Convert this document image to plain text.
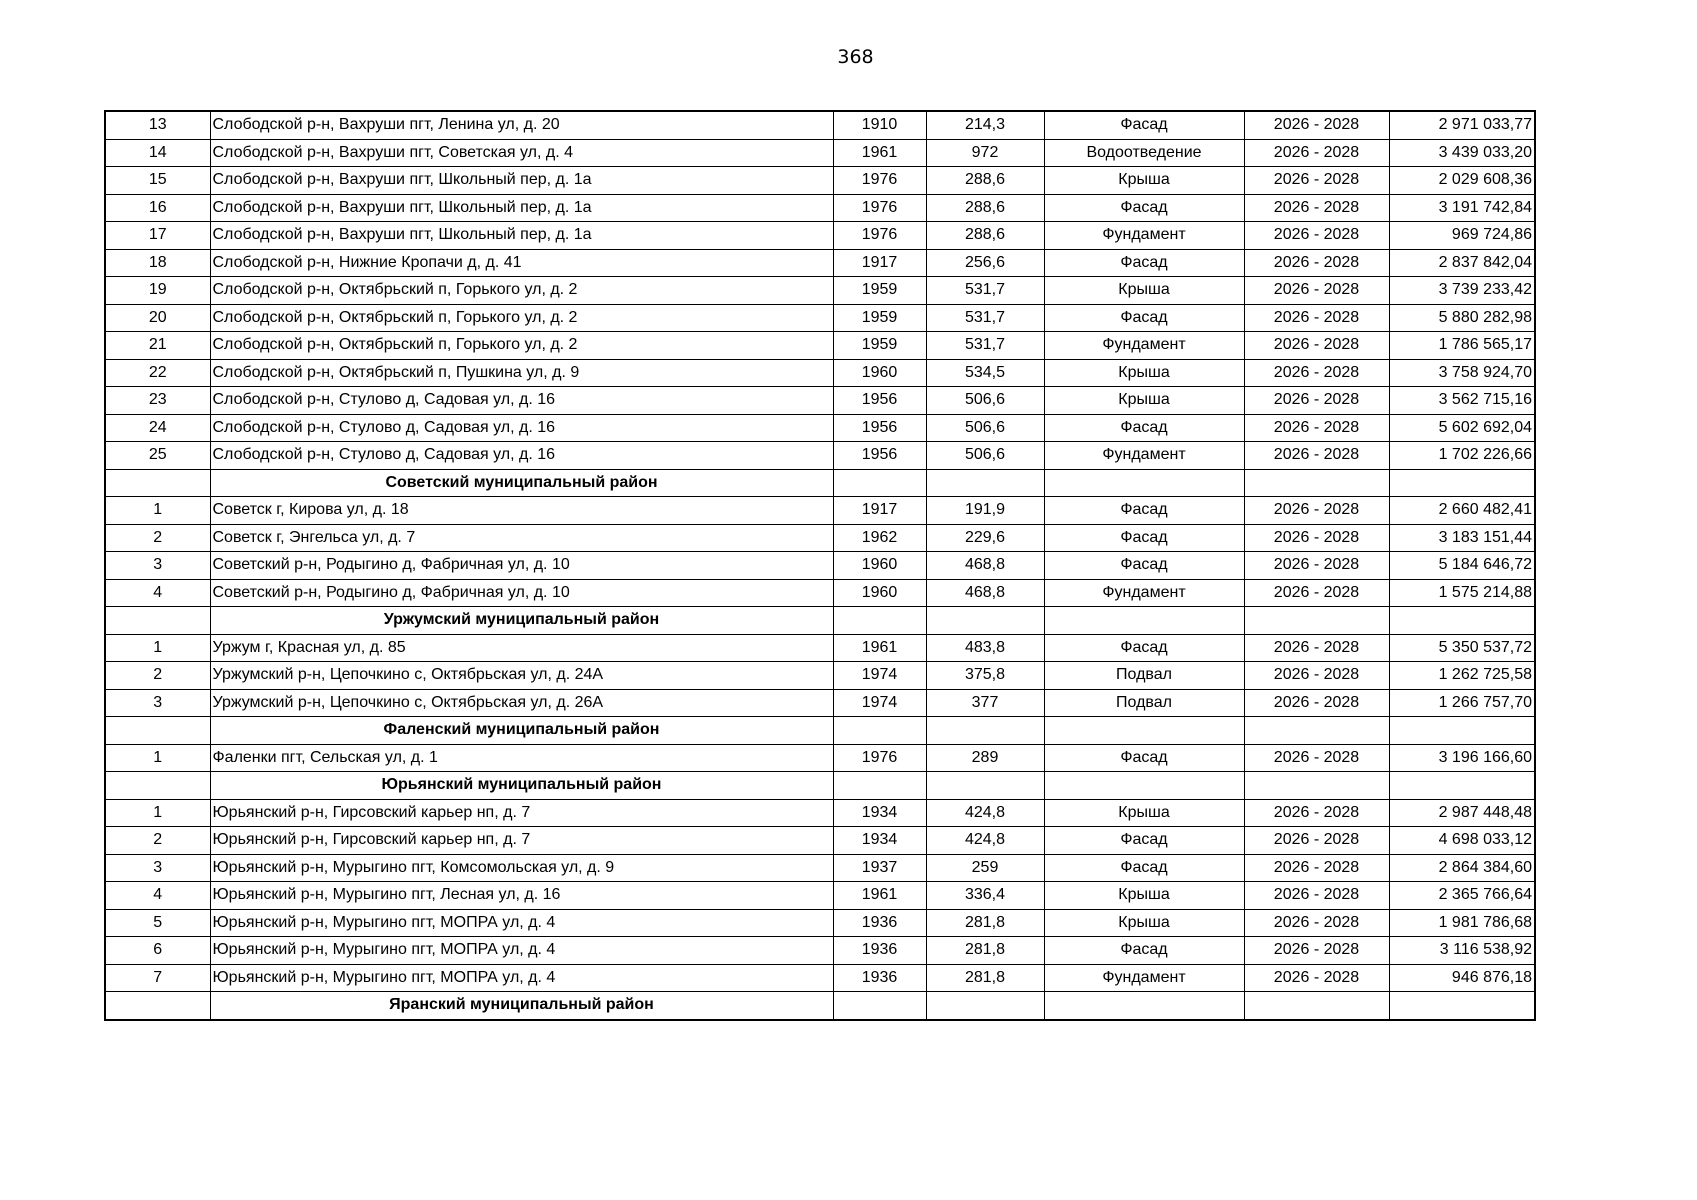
368
13	Слободской р-н, Вахруши пгт, Ленина ул, д. 20	1910	214,3	Фасад	2026 - 2028	2 971 033,77
14	Слободской р-н, Вахруши пгт, Советская ул, д. 4	1961	972	Водоотведение	2026 - 2028	3 439 033,20
15	Слободской р-н, Вахруши пгт, Школьный пер, д. 1а	1976	288,6	Крыша	2026 - 2028	2 029 608,36
16	Слободской р-н, Вахруши пгт, Школьный пер, д. 1а	1976	288,6	Фасад	2026 - 2028	3 191 742,84
17	Слободской р-н, Вахруши пгт, Школьный пер, д. 1а	1976	288,6	Фундамент	2026 - 2028	969 724,86
18	Слободской р-н, Нижние Кропачи д, д. 41	1917	256,6	Фасад	2026 - 2028	2 837 842,04
19	Слободской р-н, Октябрьский п, Горького ул, д. 2	1959	531,7	Крыша	2026 - 2028	3 739 233,42
20	Слободской р-н, Октябрьский п, Горького ул, д. 2	1959	531,7	Фасад	2026 - 2028	5 880 282,98
21	Слободской р-н, Октябрьский п, Горького ул, д. 2	1959	531,7	Фундамент	2026 - 2028	1 786 565,17
22	Слободской р-н, Октябрьский п, Пушкина ул, д. 9	1960	534,5	Крыша	2026 - 2028	3 758 924,70
23	Слободской р-н, Стулово д, Садовая ул, д. 16	1956	506,6	Крыша	2026 - 2028	3 562 715,16
24	Слободской р-н, Стулово д, Садовая ул, д. 16	1956	506,6	Фасад	2026 - 2028	5 602 692,04
25	Слободской р-н, Стулово д, Садовая ул, д. 16	1956	506,6	Фундамент	2026 - 2028	1 702 226,66
	Советский муниципальный район					
1	Советск г, Кирова ул, д. 18	1917	191,9	Фасад	2026 - 2028	2 660 482,41
2	Советск г, Энгельса ул, д. 7	1962	229,6	Фасад	2026 - 2028	3 183 151,44
3	Советский р-н, Родыгино д, Фабричная ул, д. 10	1960	468,8	Фасад	2026 - 2028	5 184 646,72
4	Советский р-н, Родыгино д, Фабричная ул, д. 10	1960	468,8	Фундамент	2026 - 2028	1 575 214,88
	Уржумский муниципальный район					
1	Уржум г, Красная ул, д. 85	1961	483,8	Фасад	2026 - 2028	5 350 537,72
2	Уржумский р-н, Цепочкино с, Октябрьская ул, д. 24А	1974	375,8	Подвал	2026 - 2028	1 262 725,58
3	Уржумский р-н, Цепочкино с, Октябрьская ул, д. 26А	1974	377	Подвал	2026 - 2028	1 266 757,70
	Фаленский муниципальный район					
1	Фаленки пгт, Сельская ул, д. 1	1976	289	Фасад	2026 - 2028	3 196 166,60
	Юрьянский муниципальный район					
1	Юрьянский р-н, Гирсовский карьер нп, д. 7	1934	424,8	Крыша	2026 - 2028	2 987 448,48
2	Юрьянский р-н, Гирсовский карьер нп, д. 7	1934	424,8	Фасад	2026 - 2028	4 698 033,12
3	Юрьянский р-н, Мурыгино пгт, Комсомольская ул, д. 9	1937	259	Фасад	2026 - 2028	2 864 384,60
4	Юрьянский р-н, Мурыгино пгт, Лесная ул, д. 16	1961	336,4	Крыша	2026 - 2028	2 365 766,64
5	Юрьянский р-н, Мурыгино пгт, МОПРА ул, д. 4	1936	281,8	Крыша	2026 - 2028	1 981 786,68
6	Юрьянский р-н, Мурыгино пгт, МОПРА ул, д. 4	1936	281,8	Фасад	2026 - 2028	3 116 538,92
7	Юрьянский р-н, Мурыгино пгт, МОПРА ул, д. 4	1936	281,8	Фундамент	2026 - 2028	946 876,18
	Яранский муниципальный район					
